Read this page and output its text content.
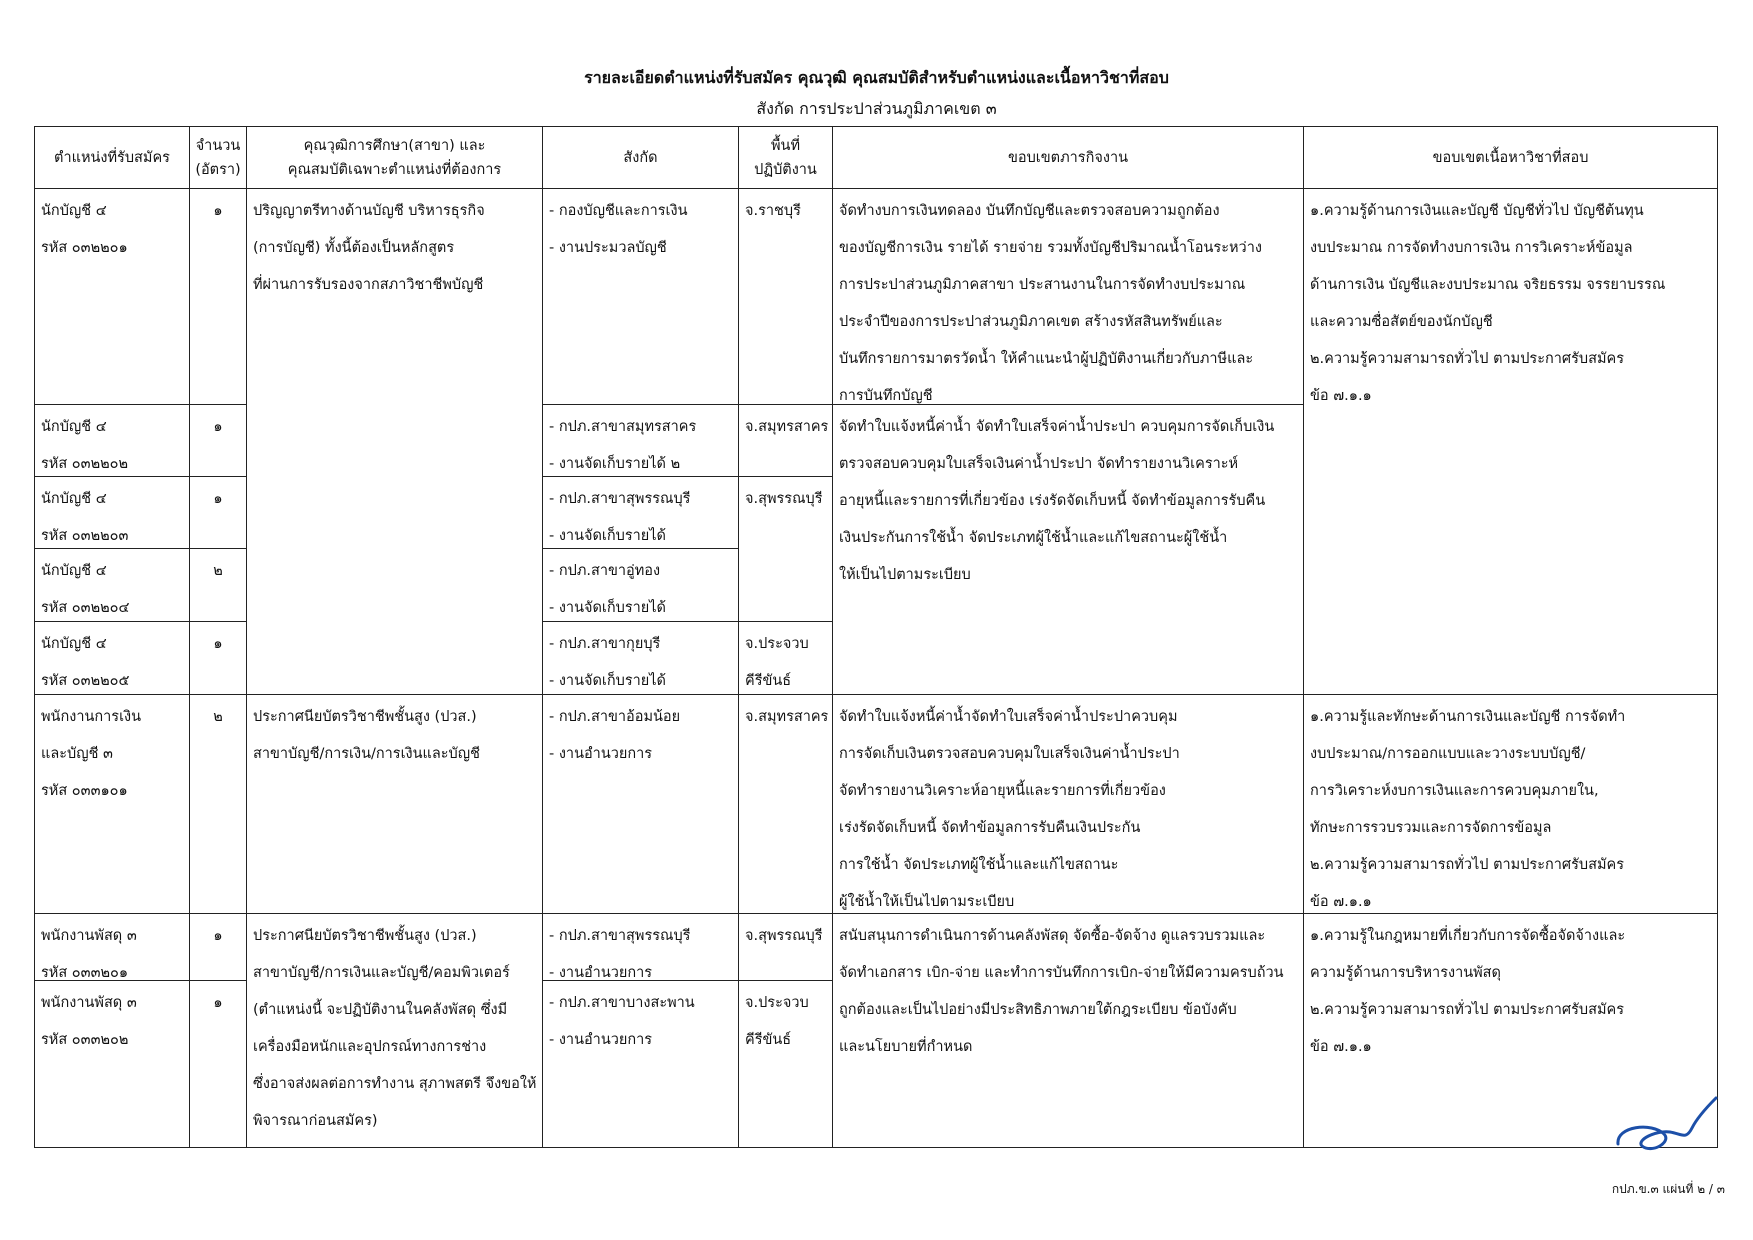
รายละเอียดตำแหน่งที่รับสมัคร คุณวุฒิ คุณสมบัติสำหรับตำแหน่งและเนื้อหาวิชาที่สอบ
สังกัด การประปาส่วนภูมิภาคเขต ๓
ตำแหน่งที่รับสมัคร
จำนวน
(อัตรา)
คุณวุฒิการศึกษา(สาขา) และ
คุณสมบัติเฉพาะตำแหน่งที่ต้องการ
สังกัด
พื้นที่
ปฏิบัติงาน
ขอบเขตภารกิจงาน	ขอบเขตเนื้อหาวิชาที่สอบ
นักบัญชี ๔
รหัส ๐๓๒๒๐๑
นักบัญชี ๔
รหัส ๐๓๒๒๐๒
นักบัญชี ๔
รหัส ๐๓๒๒๐๓
นักบัญชี ๔
รหัส ๐๓๒๒๐๔
นักบัญชี ๔
รหัส ๐๓๒๒๐๕
พนักงานการเงิน
และบัญชี ๓
รหัส ๐๓๓๑๐๑
พนักงานพัสดุ ๓
รหัส ๐๓๓๒๐๑
พนักงานพัสดุ ๓
รหัส ๐๓๓๒๐๒
๑
๑
๑
๒
๑
๒
๑
๑
ปริญญาตรีทางด้านบัญชี บริหารธุรกิจ
(การบัญชี) ทั้งนี้ต้องเป็นหลักสูตร
ที่ผ่านการรับรองจากสภาวิชาชีพบัญชี
ประกาศนียบัตรวิชาชีพชั้นสูง (ปวส.)
สาขาบัญชี/การเงิน/การเงินและบัญชี
ประกาศนียบัตรวิชาชีพชั้นสูง (ปวส.)
สาขาบัญชี/การเงินและบัญชี/คอมพิวเตอร์
(ตำแหน่งนี้ จะปฏิบัติงานในคลังพัสดุ ซึ่งมี
เครื่องมือหนักและอุปกรณ์ทางการช่าง
ซึ่งอาจส่งผลต่อการทำงาน สุภาพสตรี จึงขอให้
พิจารณาก่อนสมัคร)
- กองบัญชีและการเงิน
- งานประมวลบัญชี
- กปภ.สาขาสมุทรสาคร
- งานจัดเก็บรายได้ ๒
- กปภ.สาขาสุพรรณบุรี
- งานจัดเก็บรายได้
- กปภ.สาขาอู่ทอง
- งานจัดเก็บรายได้
- กปภ.สาขากุยบุรี
- งานจัดเก็บรายได้
- กปภ.สาขาอ้อมน้อย
- งานอำนวยการ
- กปภ.สาขาสุพรรณบุรี
- งานอำนวยการ
- กปภ.สาขาบางสะพาน
- งานอำนวยการ
จ.ราชบุรี
จ.สมุทรสาคร
จ.สุพรรณบุรี
จ.ประจวบ
คีรีขันธ์
จ.สมุทรสาคร
จ.สุพรรณบุรี
จ.ประจวบ
คีรีขันธ์
จัดทำงบการเงินทดลอง บันทึกบัญชีและตรวจสอบความถูกต้อง
ของบัญชีการเงิน รายได้ รายจ่าย รวมทั้งบัญชีปริมาณน้ำโอนระหว่าง
การประปาส่วนภูมิภาคสาขา ประสานงานในการจัดทำงบประมาณ
ประจำปีของการประปาส่วนภูมิภาคเขต สร้างรหัสสินทรัพย์และ
บันทึกรายการมาตรวัดน้ำ ให้คำแนะนำผู้ปฏิบัติงานเกี่ยวกับภาษีและ
การบันทึกบัญชี
จัดทำใบแจ้งหนี้ค่าน้ำ จัดทำใบเสร็จค่าน้ำประปา ควบคุมการจัดเก็บเงิน
ตรวจสอบควบคุมใบเสร็จเงินค่าน้ำประปา จัดทำรายงานวิเคราะห์
อายุหนี้และรายการที่เกี่ยวข้อง เร่งรัดจัดเก็บหนี้ จัดทำข้อมูลการรับคืน
เงินประกันการใช้น้ำ จัดประเภทผู้ใช้น้ำและแก้ไขสถานะผู้ใช้น้ำ
ให้เป็นไปตามระเบียบ
จัดทำใบแจ้งหนี้ค่าน้ำจัดทำใบเสร็จค่าน้ำประปาควบคุม
การจัดเก็บเงินตรวจสอบควบคุมใบเสร็จเงินค่าน้ำประปา
จัดทำรายงานวิเคราะห์อายุหนี้และรายการที่เกี่ยวข้อง
เร่งรัดจัดเก็บหนี้ จัดทำข้อมูลการรับคืนเงินประกัน
การใช้น้ำ จัดประเภทผู้ใช้น้ำและแก้ไขสถานะ
ผู้ใช้น้ำให้เป็นไปตามระเบียบ
สนับสนุนการดำเนินการด้านคลังพัสดุ จัดซื้อ-จัดจ้าง ดูแลรวบรวมและ
จัดทำเอกสาร เบิก-จ่าย และทำการบันทึกการเบิก-จ่ายให้มีความครบถ้วน
ถูกต้องและเป็นไปอย่างมีประสิทธิภาพภายใต้กฎระเบียบ ข้อบังคับ
และนโยบายที่กำหนด
๑.ความรู้ด้านการเงินและบัญชี บัญชีทั่วไป บัญชีต้นทุน
งบประมาณ การจัดทำงบการเงิน การวิเคราะห์ข้อมูล
ด้านการเงิน บัญชีและงบประมาณ จริยธรรม จรรยาบรรณ
และความซื่อสัตย์ของนักบัญชี
๒.ความรู้ความสามารถทั่วไป ตามประกาศรับสมัคร
ข้อ ๗.๑.๑
๑.ความรู้และทักษะด้านการเงินและบัญชี การจัดทำ
งบประมาณ/การออกแบบและวางระบบบัญชี/
การวิเคราะห์งบการเงินและการควบคุมภายใน,
ทักษะการรวบรวมและการจัดการข้อมูล
๒.ความรู้ความสามารถทั่วไป ตามประกาศรับสมัคร
ข้อ ๗.๑.๑
๑.ความรู้ในกฎหมายที่เกี่ยวกับการจัดซื้อจัดจ้างและ
ความรู้ด้านการบริหารงานพัสดุ
๒.ความรู้ความสามารถทั่วไป ตามประกาศรับสมัคร
ข้อ ๗.๑.๑
กปภ.ข.๓ แผ่นที่ ๒ / ๓
